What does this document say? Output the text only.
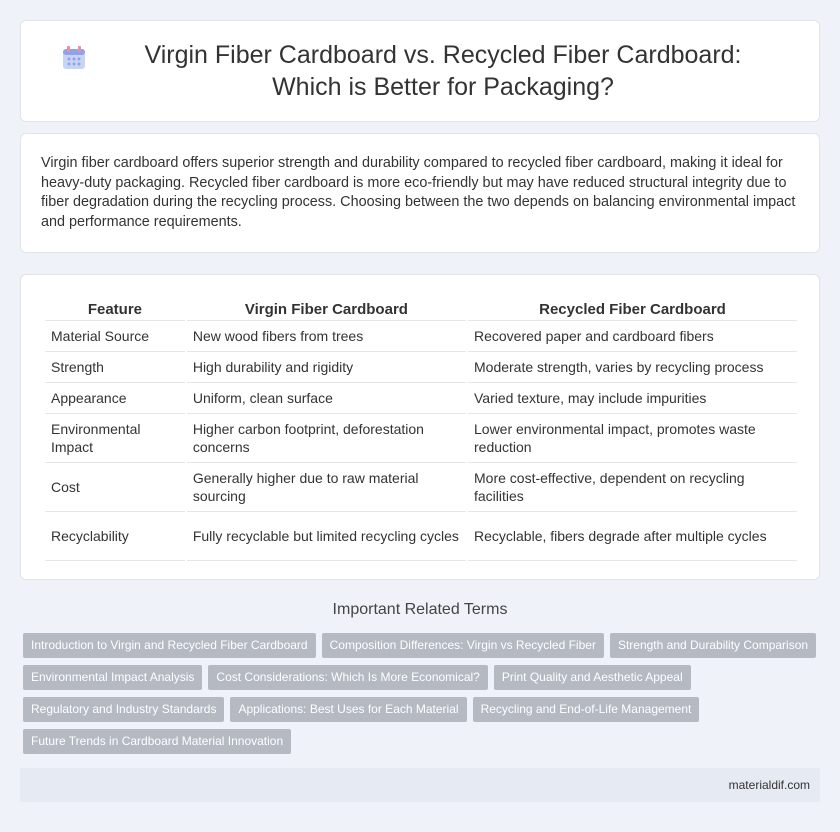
Virgin Fiber Cardboard vs. Recycled Fiber Cardboard: Which is Better for Packaging?

Virgin fiber cardboard offers superior strength and durability compared to recycled fiber cardboard, making it ideal for heavy-duty packaging. Recycled fiber cardboard is more eco-friendly but may have reduced structural integrity due to fiber degradation during the recycling process. Choosing between the two depends on balancing environmental impact and performance requirements.

Feature	Virgin Fiber Cardboard	Recycled Fiber Cardboard
Material Source	New wood fibers from trees	Recovered paper and cardboard fibers
Strength	High durability and rigidity	Moderate strength, varies by recycling process
Appearance	Uniform, clean surface	Varied texture, may include impurities
Environmental Impact	Higher carbon footprint, deforestation concerns	Lower environmental impact, promotes waste reduction
Cost	Generally higher due to raw material sourcing	More cost-effective, dependent on recycling facilities
Recyclability	Fully recyclable but limited recycling cycles	Recyclable, fibers degrade after multiple cycles
Important Related Terms
Introduction to Virgin and Recycled Fiber Cardboard	Composition Differences: Virgin vs Recycled Fiber	Strength and Durability Comparison
Environmental Impact Analysis	Cost Considerations: Which Is More Economical?	Print Quality and Aesthetic Appeal
Regulatory and Industry Standards	Applications: Best Uses for Each Material	Recycling and End-of-Life Management
Future Trends in Cardboard Material Innovation
materialdif.com
